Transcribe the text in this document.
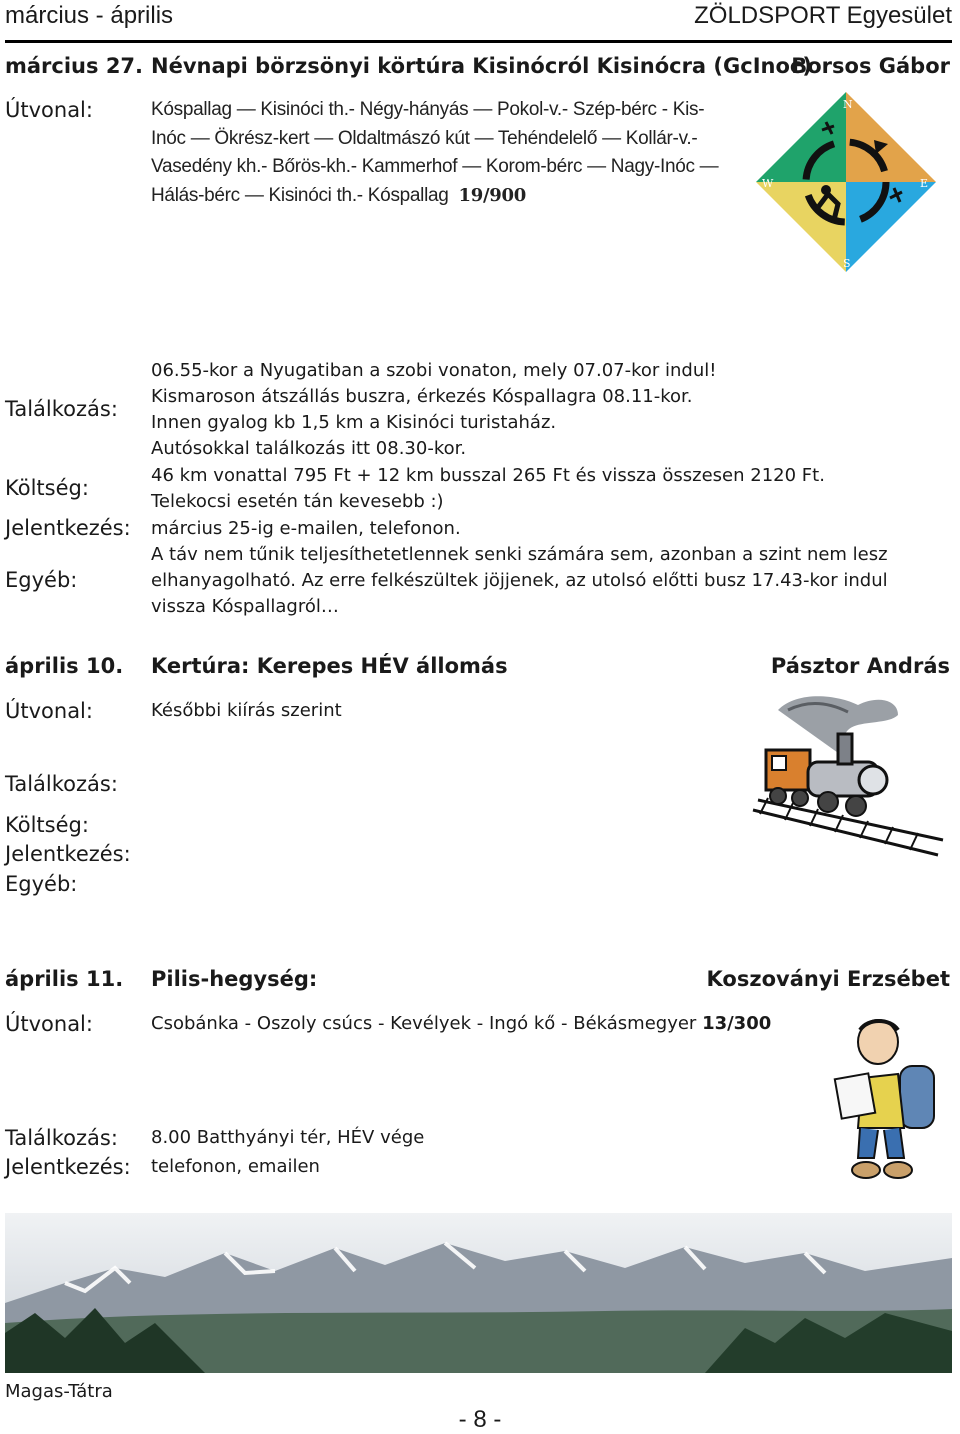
március - április	ZÖLDSPORT Egyesület
március 27. Névnapi börzsönyi körtúra Kisinócról Kisinócra (GcInoc)
Borsos Gábor
Útvonal:	Kóspallag — Kisinóci th.- Négy-hányás — Pokol-v.- Szép-bérc - Kis-
Inóc — Ökrész-kert — Oldaltmászó kút — Tehéndelelő — Kollár-v.-
Vasedény kh.- Bőrös-kh.- Kammerhof — Korom-bérc — Nagy-Inóc —
Hálás-bérc — Kisinóci th.- Kóspallag 19/900
N
E
S
W
Találkozás:
06.55-kor a Nyugatiban a szobi vonaton, mely 07.07-kor indul!
Kismaroson átszállás buszra, érkezés Kóspallagra 08.11-kor.
Innen gyalog kb 1,5 km a Kisinóci turistaház.
Autósokkal találkozás itt 08.30-kor.
Költség:
46 km vonattal 795 Ft + 12 km busszal 265 Ft és vissza összesen 2120 Ft.
Telekocsi esetén tán kevesebb :)
Jelentkezés: március 25-ig e-mailen, telefonon.
Egyéb:
A táv nem tűnik teljesíthetetlennek senki számára sem, azonban a szint nem lesz
elhanyagolható. Az erre felkészültek jöjjenek, az utolsó előtti busz 17.43-kor indul
vissza Kóspallagról…
április 10. Kertúra: Kerepes HÉV állomás	Pásztor András
Útvonal:	Későbbi kiírás szerint
Találkozás:
Költség:
Jelentkezés:
Egyéb:
április 11. Pilis-hegység:	Koszoványi Erzsébet
Útvonal:	Csobánka - Oszoly csúcs - Kevélyek - Ingó kő - Békásmegyer 13/300
Találkozás: 8.00 Batthyányi tér, HÉV vége
Jelentkezés: telefonon, emailen
Magas-Tátra
- 8 -
